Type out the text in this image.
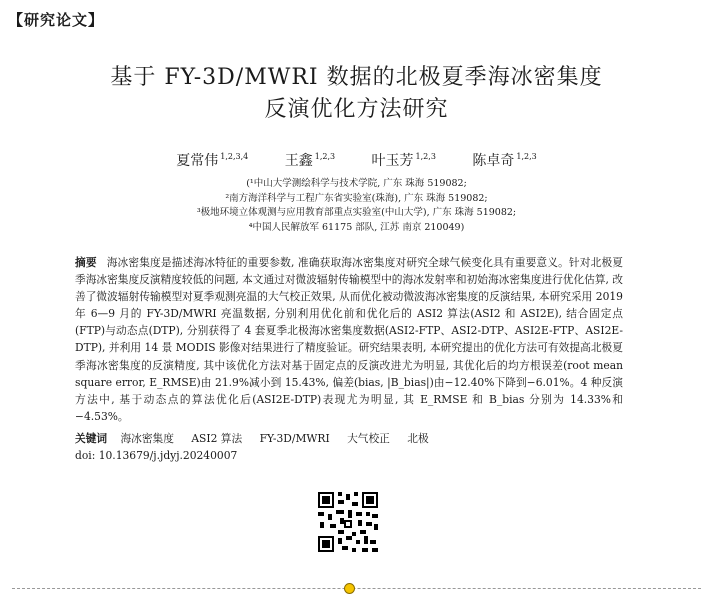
【研究论文】
基于 FY-3D/MWRI 数据的北极夏季海冰密集度
反演优化方法研究
夏常伟 $^{1,2,3,4}$	王鑫 $^{1,2,3}$	叶玉芳 $^{1,2,3}$	陈卓奇 $^{1,2,3}$
(¹中山大学测绘科学与技术学院, 广东 珠海 519082;
²南方海洋科学与工程广东省实验室(珠海), 广东 珠海 519082;
³极地环境立体观测与应用教育部重点实验室(中山大学), 广东 珠海 519082;
⁴中国人民解放军 61175 部队, 江苏 南京 210049)
摘要 海冰密集度是描述海冰特征的重要参数, 准确获取海冰密集度对研究全球气候变化具有重要意义。针对北极夏季海冰密集度反演精度较低的问题, 本文通过对微波辐射传输模型中的海冰发射率和初始海冰密集度进行优化估算, 改善了微波辐射传输模型对夏季观测亮温的大气校正效果, 从而优化被动微波海冰密集度的反演结果, 本研究采用 2019 年 6—9 月的 FY-3D/MWRI 亮温数据, 分别利用优化前和优化后的 ASI2 算法(ASI2 和 ASI2E), 结合固定点(FTP)与动态点(DTP), 分别获得了 4 套夏季北极海冰密集度数据(ASI2-FTP、ASI2-DTP、ASI2E-FTP、ASI2E-DTP), 并利用 14 景 MODIS 影像对结果进行了精度验证。研究结果表明, 本研究提出的优化方法可有效提高北极夏季海冰密集度的反演精度, 其中该优化方法对基于固定点的反演改进尤为明显, 其优化后的均方根误差(root mean square error, E_RMSE)由 21.9%减小到 15.43%, 偏差(bias, |B_bias|)由−12.40%下降到−6.01%。4 种反演方法中, 基于动态点的算法优化后(ASI2E-DTP)表现尤为明显, 其 E_RMSE 和 B_bias 分别为 14.33%和−4.53%。
关键词 海冰密集度 ASI2 算法 FY-3D/MWRI 大气校正 北极
doi: 10.13679/j.jdyj.20240007
